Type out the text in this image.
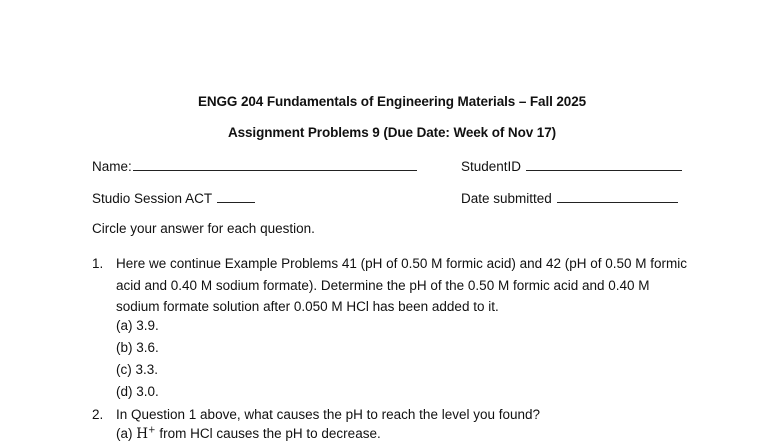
ENGG 204 Fundamentals of Engineering Materials – Fall 2025
Assignment Problems 9 (Due Date: Week of Nov 17)
Name:	StudentID
Studio Session ACT	Date submitted
Circle your answer for each question.
1. Here we continue Example Problems 41 (pH of 0.50 M formic acid) and 42 (pH of 0.50 M formic acid and 0.40 M sodium formate). Determine the pH of the 0.50 M formic acid and 0.40 M sodium formate solution after 0.050 M HCl has been added to it.
(a) 3.9.
(b) 3.6.
(c) 3.3.
(d) 3.0.
2. In Question 1 above, what causes the pH to reach the level you found?
(a) H+ from HCl causes the pH to decrease.
